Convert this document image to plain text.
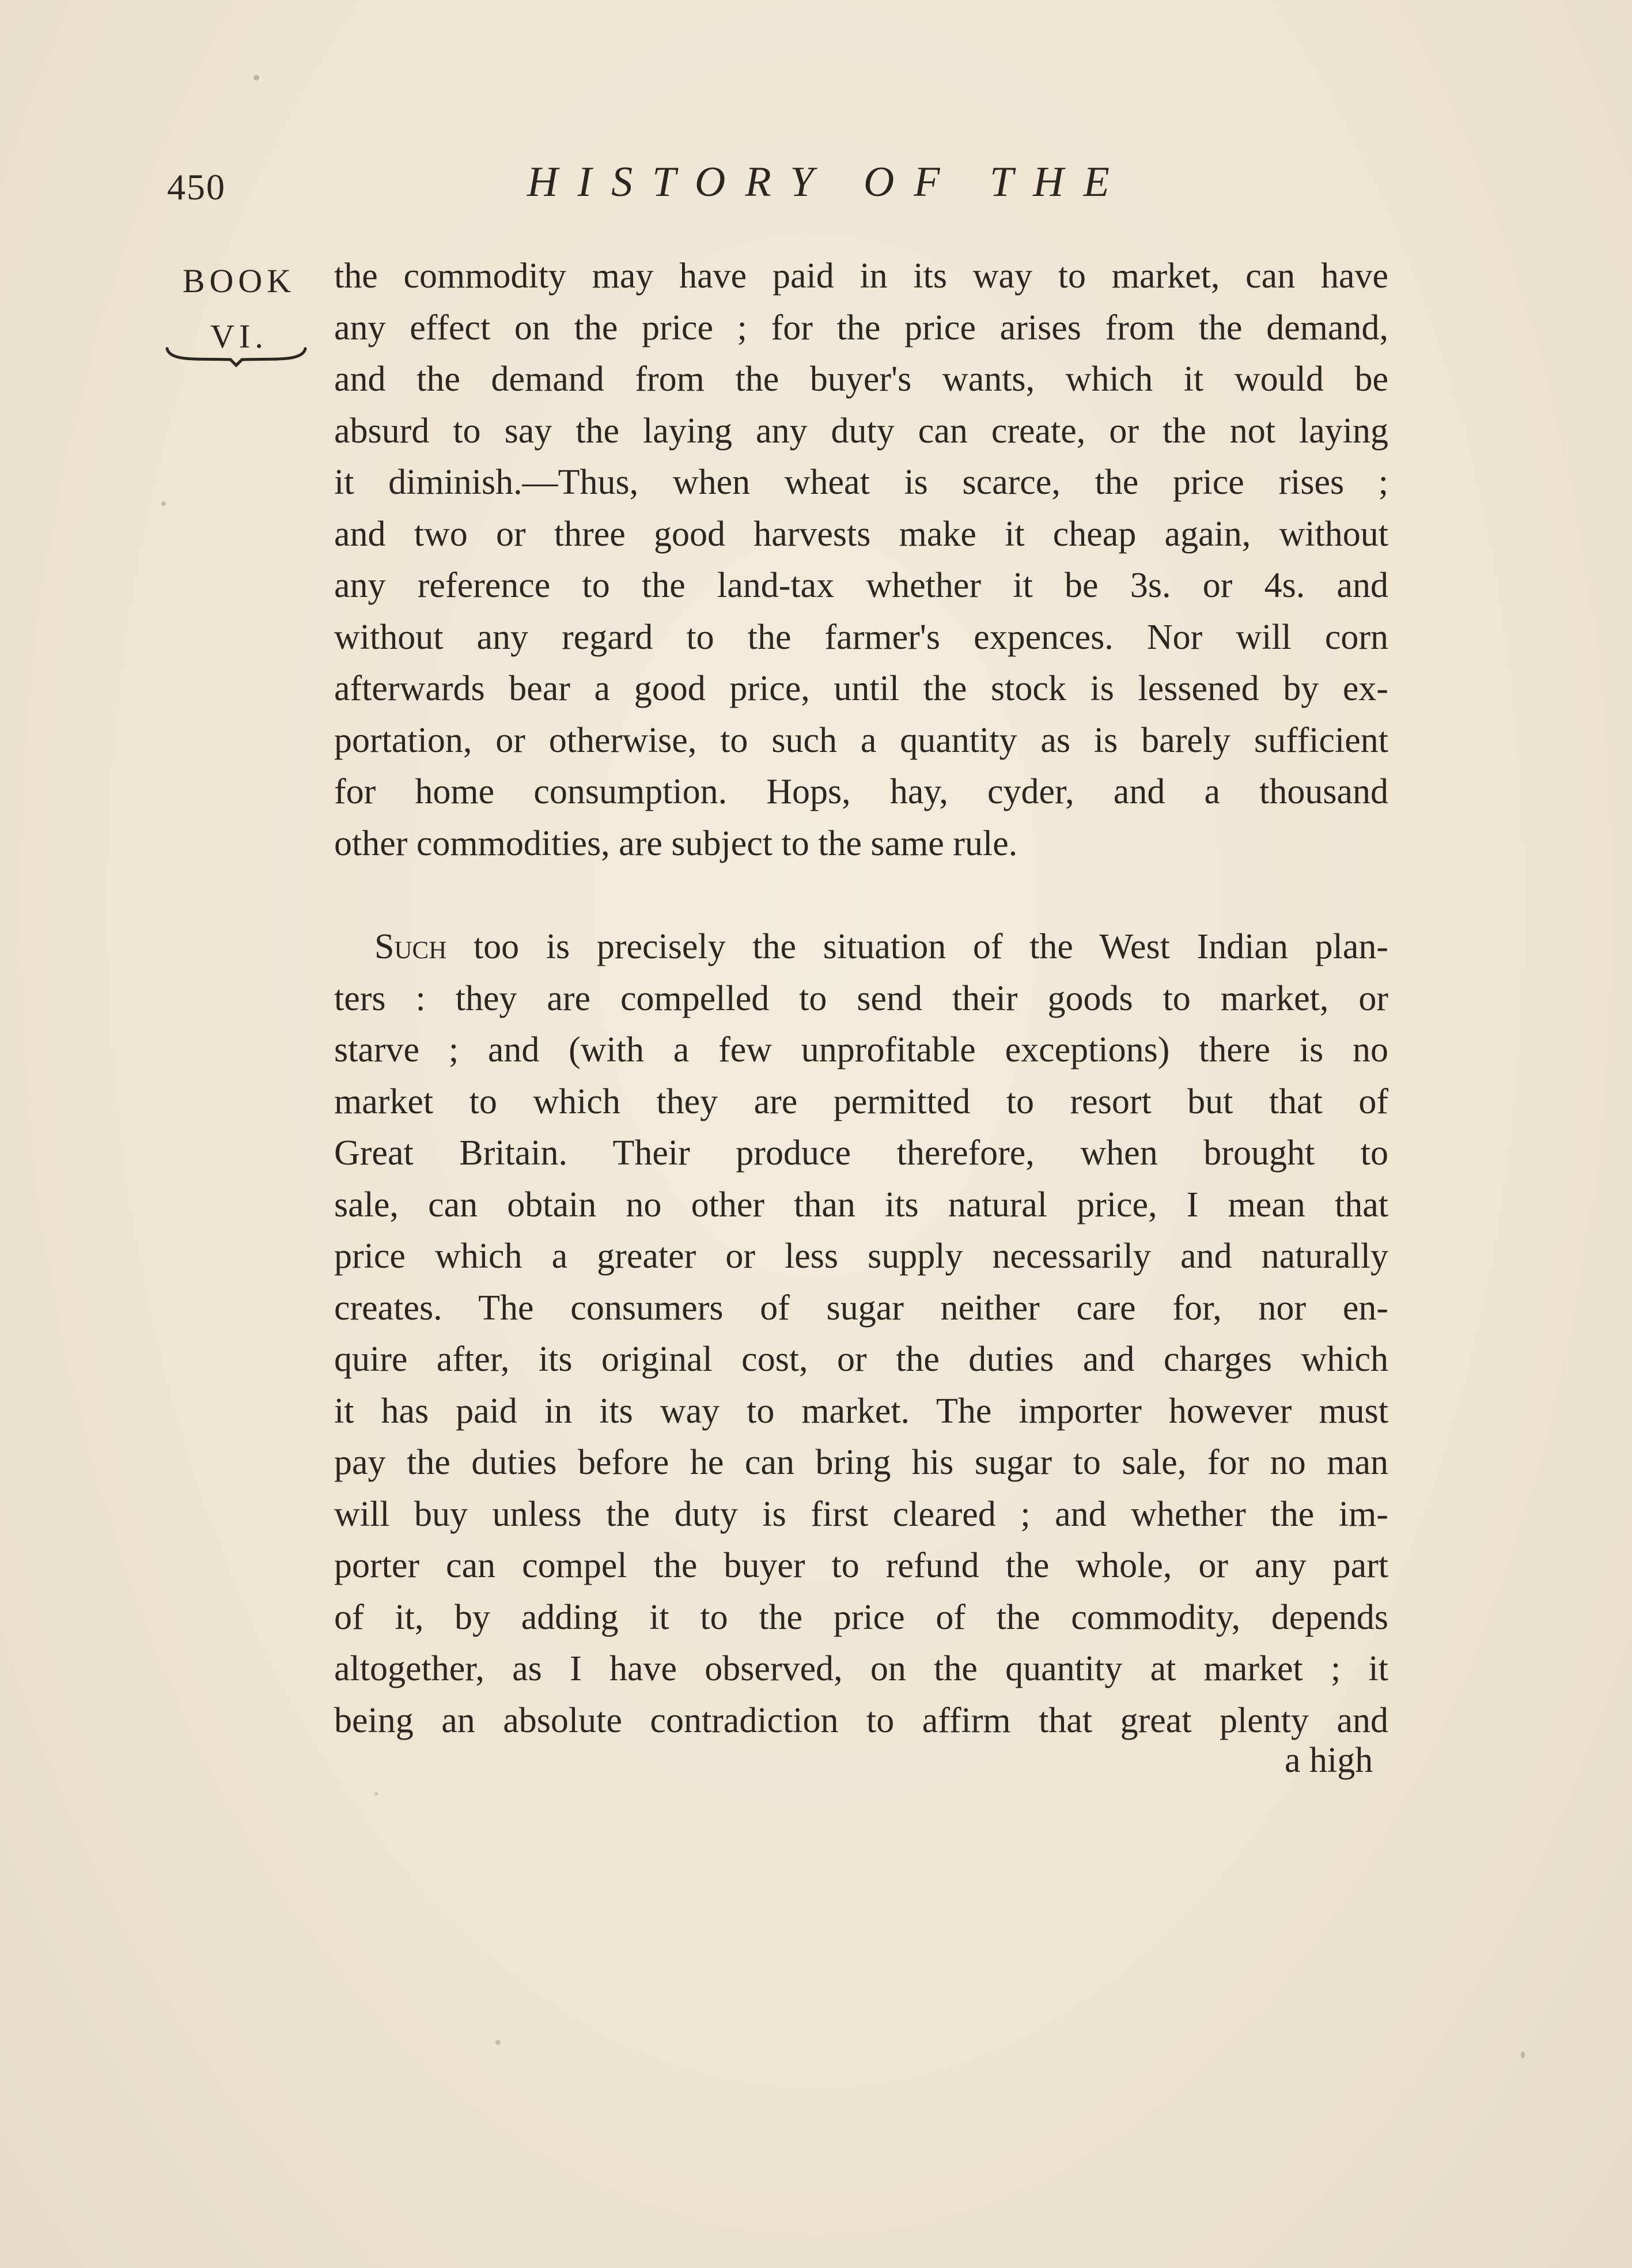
450	HISTORY OF THE
BOOK
VI.
the commodity may have paid in its way to market, can have
any effect on the price ; for the price arises from the demand,
and the demand from the buyer's wants, which it would be
absurd to say the laying any duty can create, or the not laying
it diminish.—Thus, when wheat is scarce, the price rises ;
and two or three good harvests make it cheap again, without
any reference to the land-tax whether it be 3s. or 4s. and
without any regard to the farmer's expences. Nor will corn
afterwards bear a good price, until the stock is lessened by ex-
portation, or otherwise, to such a quantity as is barely sufficient
for home consumption. Hops, hay, cyder, and a thousand
other commodities, are subject to the same rule.
Such too is precisely the situation of the West Indian plan-
ters : they are compelled to send their goods to market, or
starve ; and (with a few unprofitable exceptions) there is no
market to which they are permitted to resort but that of
Great Britain. Their produce therefore, when brought to
sale, can obtain no other than its natural price, I mean that
price which a greater or less supply necessarily and naturally
creates. The consumers of sugar neither care for, nor en-
quire after, its original cost, or the duties and charges which
it has paid in its way to market. The importer however must
pay the duties before he can bring his sugar to sale, for no man
will buy unless the duty is first cleared ; and whether the im-
porter can compel the buyer to refund the whole, or any part
of it, by adding it to the price of the commodity, depends
altogether, as I have observed, on the quantity at market ; it
being an absolute contradiction to affirm that great plenty and
a high
